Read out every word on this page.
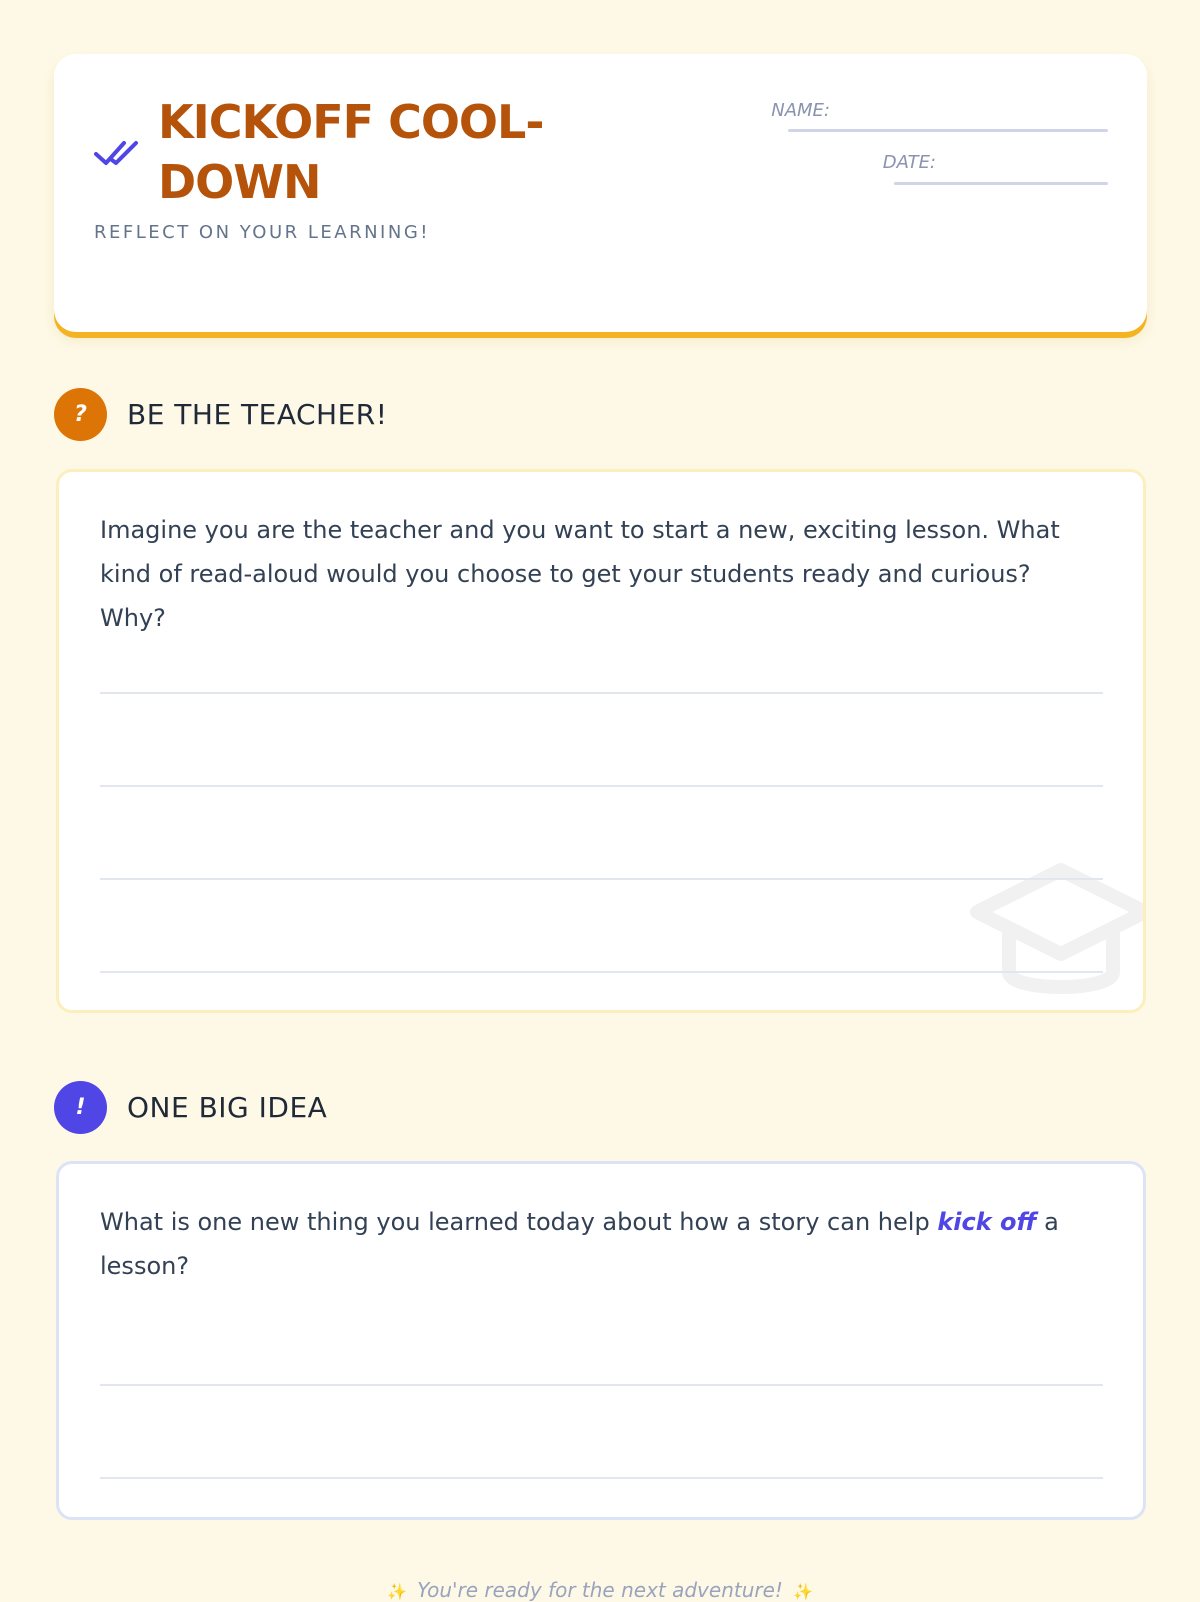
KICKOFF COOL-DOWN

REFLECT ON YOUR LEARNING!

NAME:
DATE:
?	BE THE TEACHER!

Imagine you are the teacher and you want to start a new, exciting lesson. What kind of read-aloud would you choose to get your students ready and curious? Why?

!	ONE BIG IDEA

What is one new thing you learned today about how a story can help kick off a lesson?

✨ You're ready for the next adventure! ✨
